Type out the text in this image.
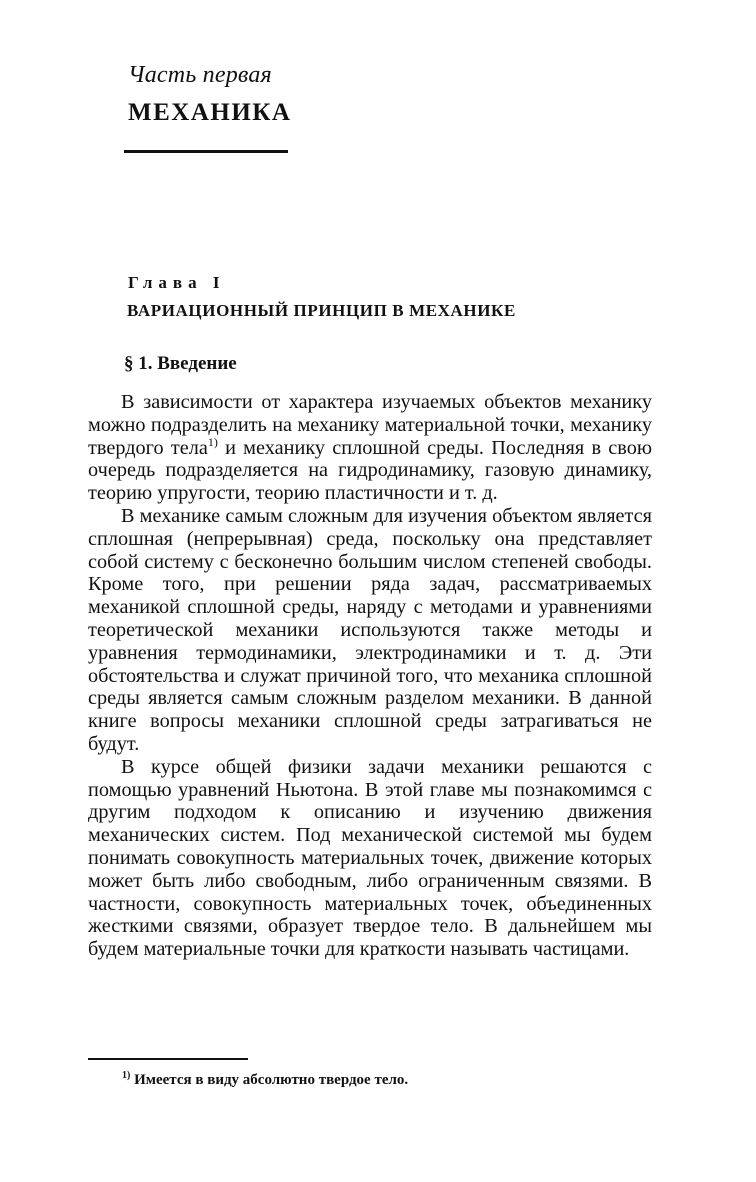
Часть первая
МЕХАНИКА
Глава I
ВАРИАЦИОННЫЙ ПРИНЦИП В МЕХАНИКЕ
§ 1. Введение

В зависимости от характера изучаемых объектов механику можно подразделить на механику материальной точки, механику твердого тела$^{1)}$ и механику сплошной среды. Последняя в свою очередь подразделяется на гидродинамику, газовую динамику, теорию упругости, теорию пластичности и т. д.

В механике самым сложным для изучения объектом является сплошная (непрерывная) среда, поскольку она представляет собой систему с бесконечно большим числом степеней свободы. Кроме того, при решении ряда задач, рассматриваемых механикой сплошной среды, наряду с методами и уравнениями теоретической механики используются также методы и уравнения термодинамики, электродинамики и т. д. Эти обстоятельства и служат причиной того, что механика сплошной среды является самым сложным разделом механики. В данной книге вопросы механики сплошной среды затрагиваться не будут.

В курсе общей физики задачи механики решаются с помощью уравнений Ньютона. В этой главе мы познакомимся с другим подходом к описанию и изучению движения механических систем. Под механической системой мы будем понимать совокупность материальных точек, движение которых может быть либо свободным, либо ограниченным связями. В частности, совокупность материальных точек, объединенных жесткими связями, образует твердое тело. В дальнейшем мы будем материальные точки для краткости называть частицами.

$^{1)}$ Имеется в виду абсолютно твердое тело.
